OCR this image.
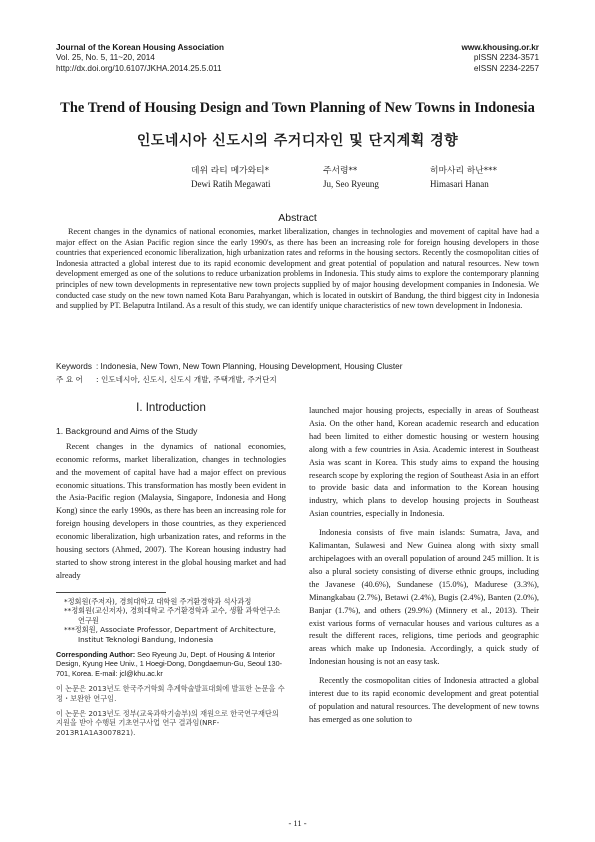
Journal of the Korean Housing Association
Vol. 25, No. 5, 11~20, 2014
http://dx.doi.org/10.6107/JKHA.2014.25.5.011
www.khousing.or.kr
pISSN 2234-3571
eISSN 2234-2257
The Trend of Housing Design and Town Planning of New Towns in Indonesia
인도네시아 신도시의 주거디자인 및 단지계획 경향
데위 라티 메가와티*
Dewi Ratih Megawati
주서령**
Ju, Seo Ryeung
히마사리 하난***
Himasari Hanan
Abstract
Recent changes in the dynamics of national economies, market liberalization, changes in technologies and movement of capital have had a major effect on the Asian Pacific region since the early 1990's, as there has been an increasing role for foreign housing developers in those countries that experienced economic liberalization, high urbanization rates and reforms in the housing sectors. Recently the cosmopolitan cities of Indonesia attracted a global interest due to its rapid economic development and great potential of population and natural resources. New town development emerged as one of the solutions to reduce urbanization problems in Indonesia. This study aims to explore the contemporary planning principles of new town developments in representative new town projects supplied by of major housing development companies in Indonesia. We conducted case study on the new town named Kota Baru Parahyangan, which is located in outskirt of Bandung, the third biggest city in Indonesia and supplied by PT. Belaputra Intiland. As a result of this study, we can identify unique characteristics of new town development in Indonesia.
Keywords : Indonesia, New Town, New Town Planning, Housing Development, Housing Cluster
주 요 어 : 인도네시아, 신도시, 신도시 개발, 주택개발, 주거단지
I. Introduction
1. Background and Aims of the Study

Recent changes in the dynamics of national economies, economic reforms, market liberalization, changes in technologies and the movement of capital have had a major effect on previous economic situations. This transformation has mostly been evident in the Asia-Pacific region (Malaysia, Singapore, Indonesia and Hong Kong) since the early 1990s, as there has been an increasing role for foreign housing developers in those countries, as they experienced economic liberalization, high urbanization rates, and reforms in the housing sectors (Ahmed, 2007). The Korean housing industry had started to show strong interest in the global housing market and had already

launched major housing projects, especially in areas of Southeast Asia. On the other hand, Korean academic research and education had been limited to either domestic housing or western housing along with a few countries in Asia. Academic interest in Southeast Asia was scant in Korea. This study aims to expand the housing research scope by exploring the region of Southeast Asia in an effort to provide basic data and information to the Korean housing industry, which plans to develop housing projects in Southeast Asian countries, especially in Indonesia.

Indonesia consists of five main islands: Sumatra, Java, and Kalimantan, Sulawesi and New Guinea along with sixty small archipelagoes with an overall population of around 245 million. It is also a plural society consisting of diverse ethnic groups, including the Javanese (40.6%), Sundanese (15.0%), Madurese (3.3%), Minangkabau (2.7%), Betawi (2.4%), Bugis (2.4%), Banten (2.0%), Banjar (1.7%), and others (29.9%) (Minnery et al., 2013). Their exist various forms of vernacular houses and various cultures as a result the different races, religions, time periods and geographic areas which make up Indonesia. Accordingly, a quick study of Indonesian housing is not an easy task.

Recently the cosmopolitan cities of Indonesia attracted a global interest due to its rapid economic development and great potential of population and natural resources. The development of new towns has emerged as one solution to

*정회원(주저자), 경희대학교 대학원 주거환경학과 석사과정

**정회원(교신저자), 경희대학교 주거환경학과 교수, 생활 과학연구소 연구원

***정회원, Associate Professor, Department of Architecture, Institut Teknologi Bandung, Indonesia

Corresponding Author: Seo Ryeung Ju, Dept. of Housing & Interior Design, Kyung Hee Univ., 1 Hoegi-Dong, Dongdaemun-Gu, Seoul 130-701, Korea. E-mail: jcl@khu.ac.kr

이 논문은 2013년도 한국주거학회 추계학술발표대회에 발표한 논문을 수정・보완한 연구임.

이 논문은 2013년도 정부(교육과학기술부)의 재원으로 한국연구재단의 지원을 받아 수행된 기초연구사업 연구 결과임(NRF-2013R1A1A3007821).

- 11 -
